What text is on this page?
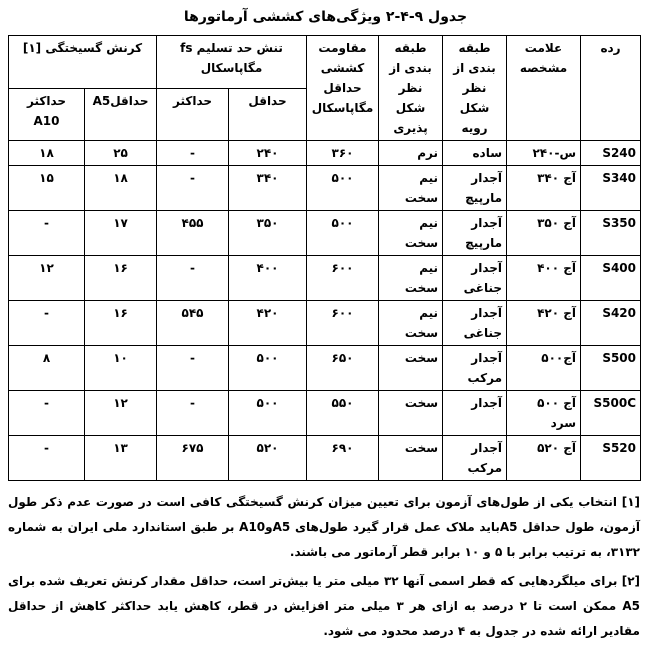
جدول ۹-۴-۲ ویژگی‌های کششی آرماتورها
رده	علامت مشخصه	طبقه بندی از نظر شکل رویه	طبقه بندی از نظر شکل پذیری	مقاومت کششی حداقل مگاپاسکال	تنش حد تسلیم fs مگاپاسکال		کرنش گسیختگی [۱]	
					حداقل	حداکثر	حداقلA5	حداکثر A10
S240	س-۲۴۰	ساده	نرم	۳۶۰	۲۴۰	-	۲۵	۱۸
S340	آج ۳۴۰	آجدار مارپیچ	نیم سخت	۵۰۰	۳۴۰	-	۱۸	۱۵
S350	آج ۳۵۰	آجدار مارپیچ	نیم سخت	۵۰۰	۳۵۰	۴۵۵	۱۷	-
S400	آج ۴۰۰	آجدار جناغی	نیم سخت	۶۰۰	۴۰۰	-	۱۶	۱۲
S420	آج ۴۲۰	آجدار جناغی	نیم سخت	۶۰۰	۴۲۰	۵۴۵	۱۶	-
S500	آج۵۰۰	آجدار مرکب	سخت	۶۵۰	۵۰۰	-	۱۰	۸
S500C	آج ۵۰۰ سرد	آجدار	سخت	۵۵۰	۵۰۰	-	۱۲	-
S520	آج ۵۲۰	آجدار مرکب	سخت	۶۹۰	۵۲۰	۶۷۵	۱۳	-

[۱] انتخاب یکی از طول‌های آزمون برای تعیین میزان کرنش گسیختگی کافی است در صورت عدم ذکر طول آزمون، طول حداقل A5باید ملاک عمل قرار گیرد طول‌های A5وA10 بر طبق استاندارد ملی ایران به شماره ۳۱۳۲، به ترتیب برابر با ۵ و ۱۰ برابر قطر آرماتور می باشند.

[۲] برای میلگردهایی که قطر اسمی آنها ۳۲ میلی متر یا بیش‌تر است، حداقل مقدار کرنش تعریف شده برای A5 ممکن است تا ۲ درصد به ازای هر ۳ میلی متر افزایش در قطر، کاهش یابد حداکثر کاهش از حداقل مقادیر ارائه شده در جدول به ۴ درصد محدود می شود.
